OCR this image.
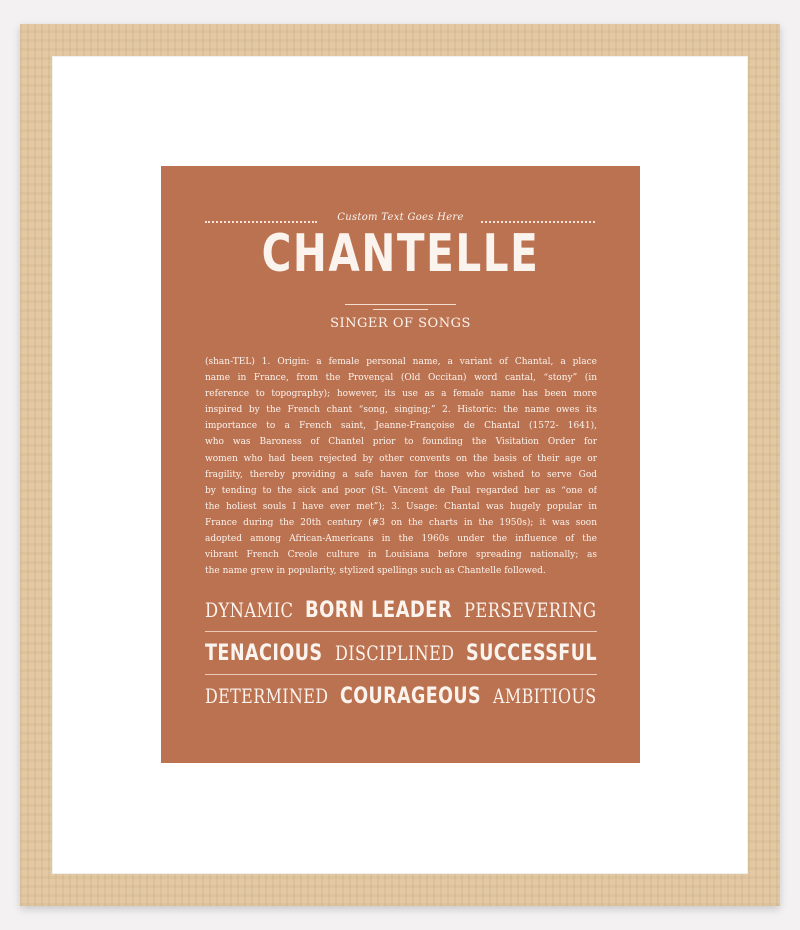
Custom Text Goes Here
CHANTELLE
SINGER OF SONGS
(shan-TEL) 1. Origin: a female personal name, a variant of Chantal, a place
name in France, from the Provençal (Old Occitan) word cantal, “stony” (in
reference to topography); however, its use as a female name has been more
inspired by the French chant “song, singing;” 2. Historic: the name owes its
importance to a French saint, Jeanne-Françoise de Chantal (1572- 1641),
who was Baroness of Chantel prior to founding the Visitation Order for
women who had been rejected by other convents on the basis of their age or
fragility, thereby providing a safe haven for those who wished to serve God
by tending to the sick and poor (St. Vincent de Paul regarded her as “one of
the holiest souls I have ever met”); 3. Usage: Chantal was hugely popular in
France during the 20th century (#3 on the charts in the 1950s); it was soon
adopted among African-Americans in the 1960s under the influence of the
vibrant French Creole culture in Louisiana before spreading nationally; as
the name grew in popularity, stylized spellings such as Chantelle followed.
DYNAMIC BORN LEADER PERSEVERING
TENACIOUS DISCIPLINED SUCCESSFUL
DETERMINED COURAGEOUS AMBITIOUS
